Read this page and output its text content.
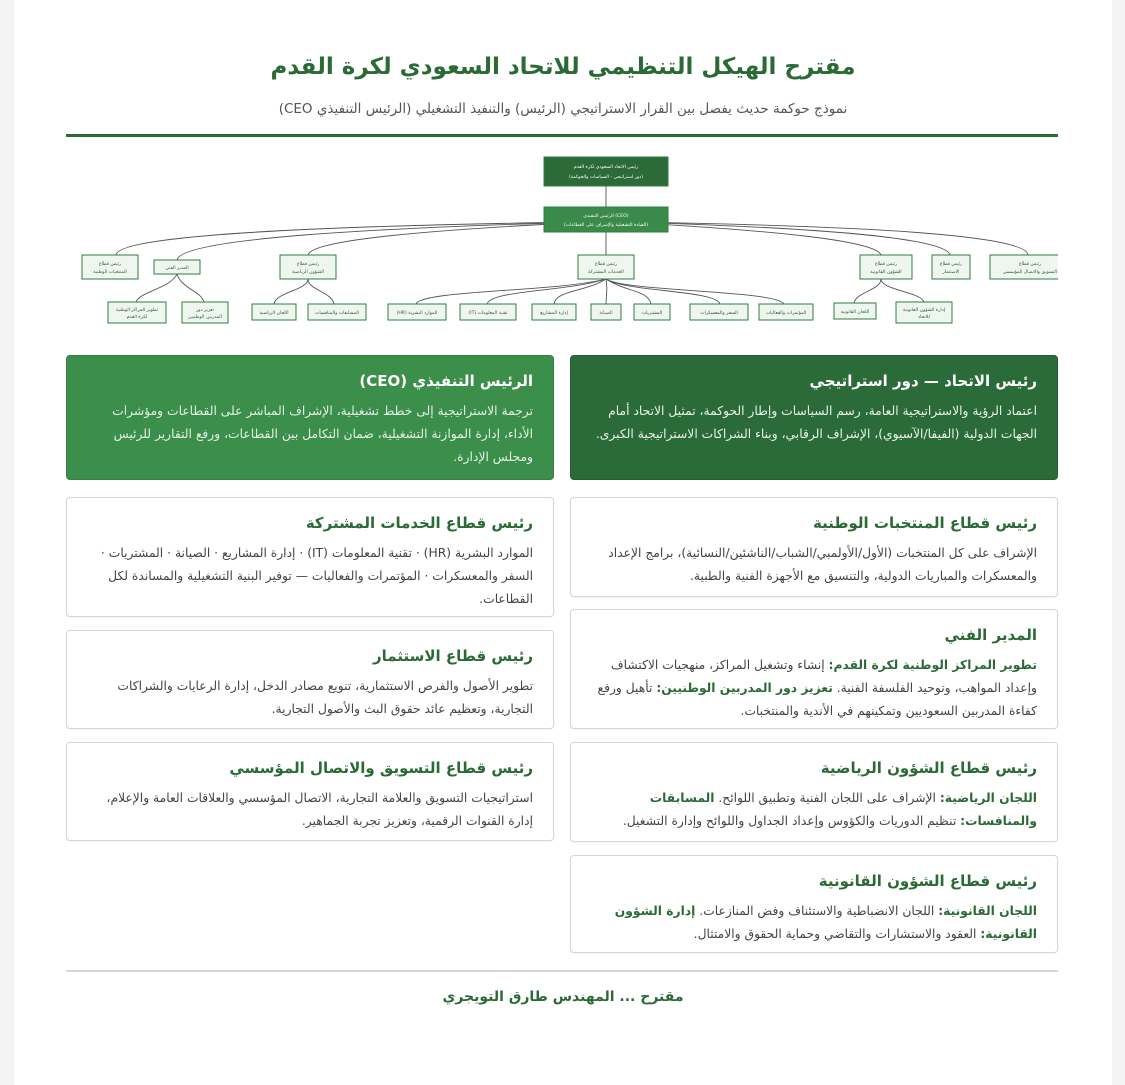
مقترح الهيكل التنظيمي للاتحاد السعودي لكرة القدم
نموذج حوكمة حديث يفصل بين القرار الاستراتيجي (الرئيس) والتنفيذ التشغيلي (الرئيس التنفيذي CEO)
رئيس الاتحاد السعودي لكرة القدم
(دور استراتيجي - السياسات والحوكمة)
الرئيس التنفيذي (CEO)
(القيادة التشغيلية والإشراف على القطاعات)
رئيس قطاع
التسويق والاتصال المؤسسي
رئيس قطاع
الاستثمار
رئيس قطاع
الشؤون القانونية
رئيس قطاع
الخدمات المشتركة
رئيس قطاع
الشؤون الرياضية
المدير الفني
رئيس قطاع
المنتخبات الوطنية
إدارة الشؤون القانونية
للاتحاد
اللجان القانونية
المؤتمرات والفعاليات
السفر والمعسكرات
المشتريات
الصيانة
إدارة المشاريع
(IT) تقنية المعلومات
(HR) الموارد البشرية
المسابقات والمنافسات
اللجان الرياضية
تعزيز دور
المدربين الوطنيين
تطوير المراكز الوطنية
لكرة القدم
رئيس الاتحاد — دور استراتيجي

اعتماد الرؤية والاستراتيجية العامة، رسم السياسات وإطار الحوكمة، تمثيل الاتحاد أمام الجهات الدولية (الفيفا/الآسيوي)، الإشراف الرقابي، وبناء الشراكات الاستراتيجية الكبرى.

الرئيس التنفيذي (CEO)

ترجمة الاستراتيجية إلى خطط تشغيلية، الإشراف المباشر على القطاعات ومؤشرات الأداء، إدارة الموازنة التشغيلية، ضمان التكامل بين القطاعات، ورفع التقارير للرئيس ومجلس الإدارة.

رئيس قطاع المنتخبات الوطنية

الإشراف على كل المنتخبات (الأول/الأولمبي/الشباب/الناشئين/النسائية)، برامج الإعداد والمعسكرات والمباريات الدولية، والتنسيق مع الأجهزة الفنية والطبية.

رئيس قطاع الخدمات المشتركة

الموارد البشرية (HR) · تقنية المعلومات (IT) · إدارة المشاريع · الصيانة · المشتريات · السفر والمعسكرات · المؤتمرات والفعاليات — توفير البنية التشغيلية والمساندة لكل القطاعات.

المدير الفني

تطوير المراكز الوطنية لكرة القدم: إنشاء وتشغيل المراكز، منهجيات الاكتشاف وإعداد المواهب، وتوحيد الفلسفة الفنية. تعزيز دور المدربين الوطنيين: تأهيل ورفع كفاءة المدربين السعوديين وتمكينهم في الأندية والمنتخبات.

رئيس قطاع الاستثمار

تطوير الأصول والفرص الاستثمارية، تنويع مصادر الدخل، إدارة الرعايات والشراكات التجارية، وتعظيم عائد حقوق البث والأصول التجارية.

رئيس قطاع الشؤون الرياضية

اللجان الرياضية: الإشراف على اللجان الفنية وتطبيق اللوائح. المسابقات والمنافسات: تنظيم الدوريات والكؤوس وإعداد الجداول واللوائح وإدارة التشغيل.

رئيس قطاع التسويق والاتصال المؤسسي

استراتيجيات التسويق والعلامة التجارية، الاتصال المؤسسي والعلاقات العامة والإعلام، إدارة القنوات الرقمية، وتعزيز تجربة الجماهير.

رئيس قطاع الشؤون القانونية

اللجان القانونية: اللجان الانضباطية والاستئناف وفض المنازعات. إدارة الشؤون القانونية: العقود والاستشارات والتقاضي وحماية الحقوق والامتثال.

مقترح ... المهندس طارق التويجري
